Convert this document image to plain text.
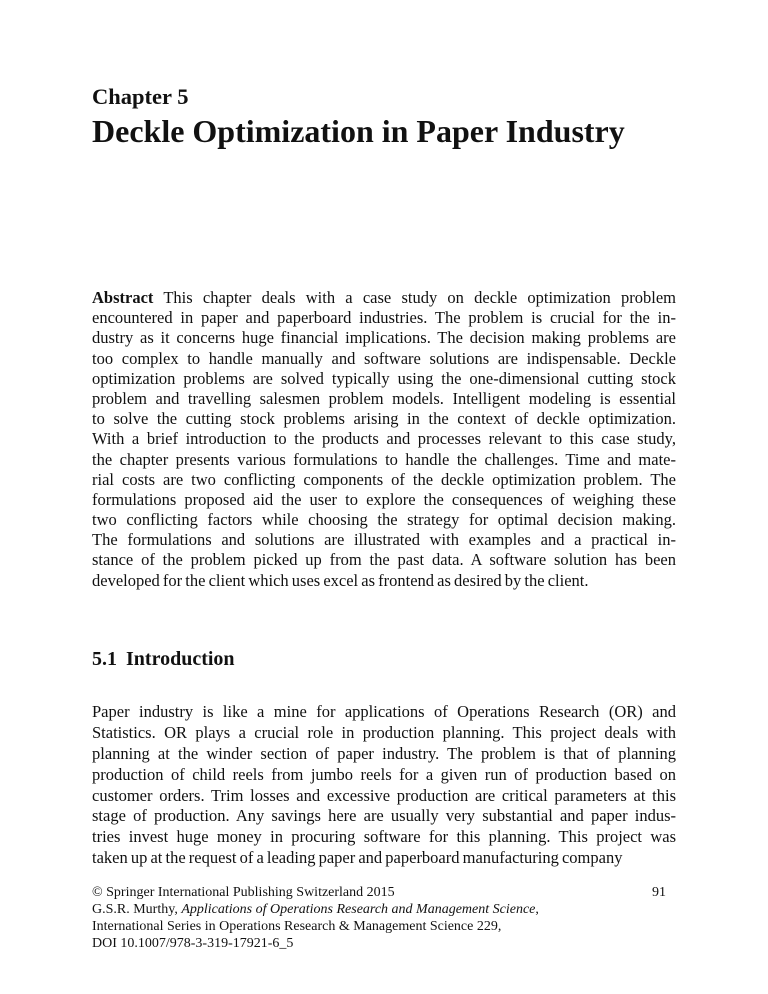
Chapter 5
Deckle Optimization in Paper Industry
Abstract This chapter deals with a case study on deckle optimization problem
encountered in paper and paperboard industries. The problem is crucial for the in-
dustry as it concerns huge financial implications. The decision making problems are
too complex to handle manually and software solutions are indispensable. Deckle
optimization problems are solved typically using the one-dimensional cutting stock
problem and travelling salesmen problem models. Intelligent modeling is essential
to solve the cutting stock problems arising in the context of deckle optimization.
With a brief introduction to the products and processes relevant to this case study,
the chapter presents various formulations to handle the challenges. Time and mate-
rial costs are two conflicting components of the deckle optimization problem. The
formulations proposed aid the user to explore the consequences of weighing these
two conflicting factors while choosing the strategy for optimal decision making.
The formulations and solutions are illustrated with examples and a practical in-
stance of the problem picked up from the past data. A software solution has been
developed for the client which uses excel as frontend as desired by the client.
5.1 Introduction
Paper industry is like a mine for applications of Operations Research (OR) and
Statistics. OR plays a crucial role in production planning. This project deals with
planning at the winder section of paper industry. The problem is that of planning
production of child reels from jumbo reels for a given run of production based on
customer orders. Trim losses and excessive production are critical parameters at this
stage of production. Any savings here are usually very substantial and paper indus-
tries invest huge money in procuring software for this planning. This project was
taken up at the request of a leading paper and paperboard manufacturing company
© Springer International Publishing Switzerland 2015
G.S.R. Murthy, Applications of Operations Research and Management Science,
International Series in Operations Research & Management Science 229,
DOI 10.1007/978-3-319-17921-6_5
91
